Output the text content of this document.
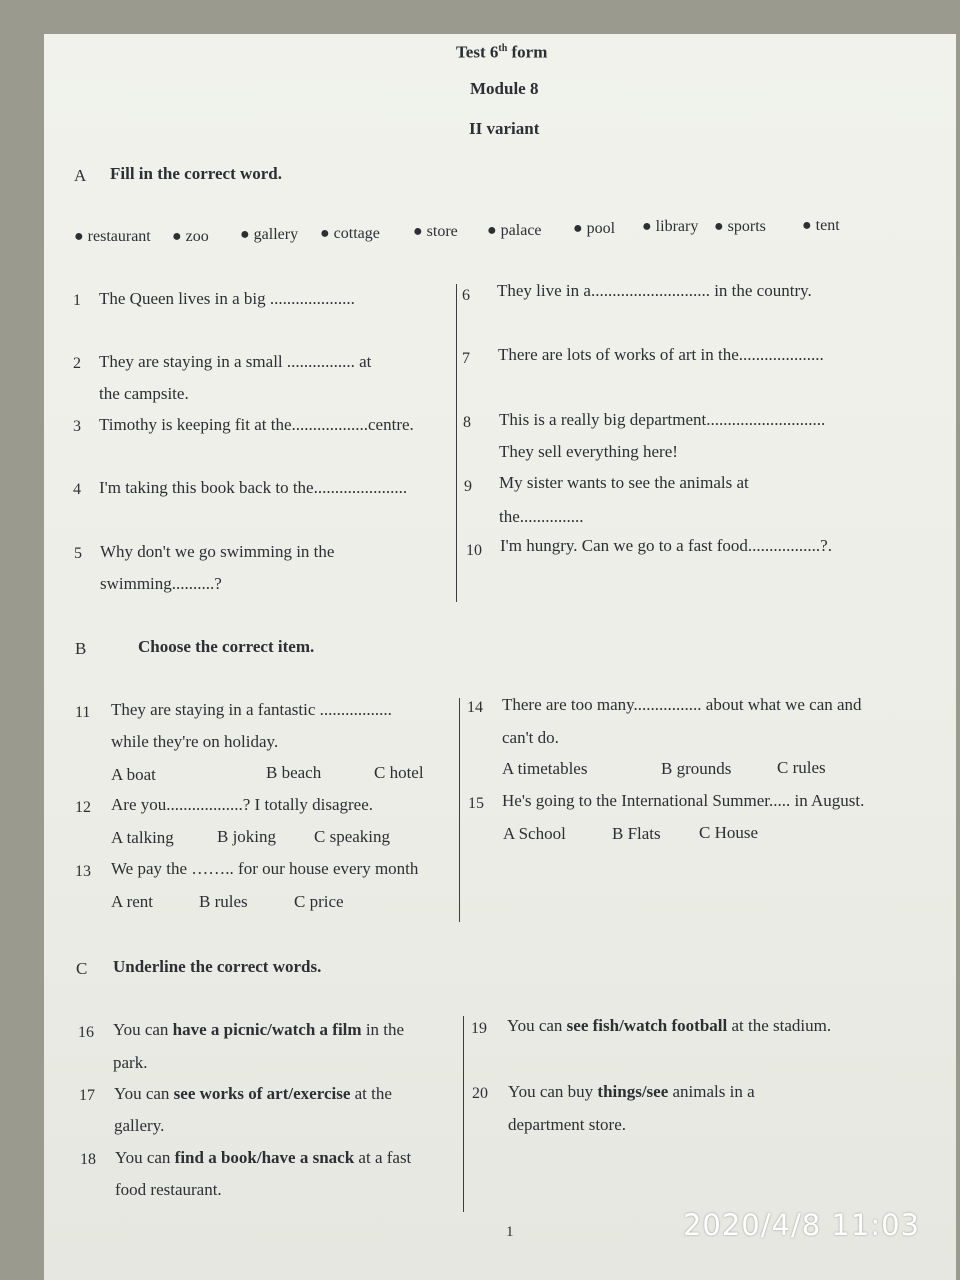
Test 6th form
Module 8
II variant
A Fill in the correct word.
● restaurant ● zoo ● gallery ● cottage ● store ● palace ● pool ● library ● sports ● tent
1 The Queen lives in a big ....................
2 They are staying in a small ................ at
the campsite.
3 Timothy is keeping fit at the..................centre.
4 I'm taking this book back to the......................
5 Why don't we go swimming in the
swimming..........?
6 They live in a............................ in the country.
7 There are lots of works of art in the....................
8 This is a really big department............................
They sell everything here!
9 My sister wants to see the animals at
the...............
10 I'm hungry. Can we go to a fast food.................?.
B	Choose the correct item.
11 They are staying in a fantastic .................
while they're on holiday.
A boat	B beach	C hotel
12 Are you..................? I totally disagree.
A talking	B joking C speaking
13 We pay the …….. for our house every month
A rent	B rules	C price
14 There are too many................ about what we can and
can't do.
A timetables	B grounds	C rules
15 He's going to the International Summer..... in August.
A School	B Flats C House
C Underline the correct words.
16 You can have a picnic/watch a film in the
park.
17 You can see works of art/exercise at the
gallery.
18 You can find a book/have a snack at a fast
food restaurant.
19 You can see fish/watch football at the stadium.
20 You can buy things/see animals in a
department store.
1	2020/4/8 11:03
